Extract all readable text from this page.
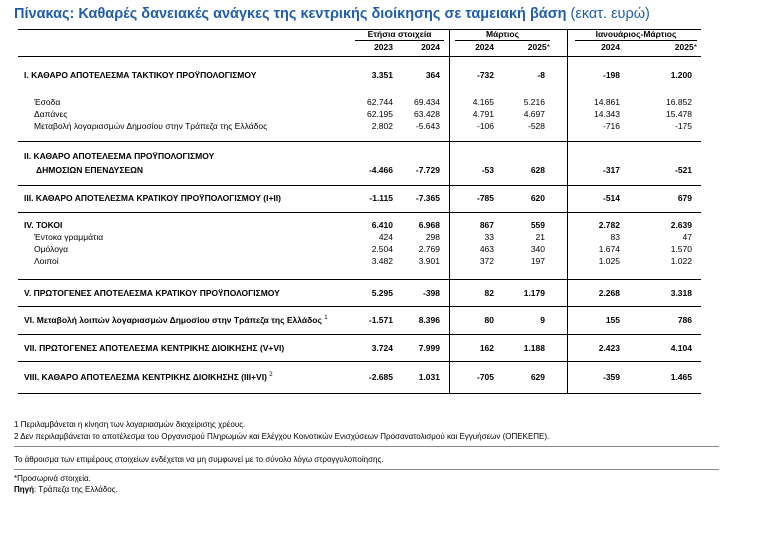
Πίνακας: Καθαρές δανειακές ανάγκες της κεντρικής διοίκησης σε ταμειακή βάση (εκατ. ευρώ)
Ετήσια στοιχεία	Μάρτιος	Ιανουάριος-Μάρτιος
2023	2024	2024	2025*	2024	2025*
I. ΚΑΘΑΡΟ ΑΠΟΤΕΛΕΣΜΑ ΤΑΚΤΙΚΟΥ ΠΡΟΫΠΟΛΟΓΙΣΜΟΥ	3.351	364	-732	-8	-198	1.200
Έσοδα	62.744	69.434	4.165	5.216	14.861	16.852
Δαπάνες	62.195	63.428	4.791	4.697	14.343	15.478
Μεταβολή λογαριασμών Δημοσίου στην Τράπεζα της Ελλάδος	2.802	-5.643	-106	-528	-716	-175
II. ΚΑΘΑΡΟ ΑΠΟΤΕΛΕΣΜΑ ΠΡΟΫΠΟΛΟΓΙΣΜΟΥ
ΔΗΜΟΣΙΩΝ ΕΠΕΝΔΥΣΕΩΝ	-4.466	-7.729	-53	628	-317	-521
III. ΚΑΘΑΡΟ ΑΠΟΤΕΛΕΣΜΑ ΚΡΑΤΙΚΟΥ ΠΡΟΫΠΟΛΟΓΙΣΜΟΥ (I+II)	-1.115	-7.365	-785	620	-514	679
IV. ΤΟΚΟΙ	6.410	6.968	867	559	2.782	2.639
Έντοκα γραμμάτια	424	298	33	21	83	47
Ομόλογα	2.504	2.769	463	340	1.674	1.570
Λοιποί	3.482	3.901	372	197	1.025	1.022
V. ΠΡΩΤΟΓΕΝΕΣ ΑΠΟΤΕΛΕΣΜΑ ΚΡΑΤΙΚΟΥ ΠΡΟΫΠΟΛΟΓΙΣΜΟΥ	5.295	-398	82	1.179	2.268	3.318
VI. Μεταβολή λοιπών λογαριασμών Δημοσίου στην Τράπεζα της Ελλάδος $^1$	-1.571	8.396	80	9	155	786
VII. ΠΡΩΤΟΓΕΝΕΣ ΑΠΟΤΕΛΕΣΜΑ ΚΕΝΤΡΙΚΗΣ ΔΙΟΙΚΗΣΗΣ (V+VI)	3.724	7.999	162	1.188	2.423	4.104
VIII. ΚΑΘΑΡΟ ΑΠΟΤΕΛΕΣΜΑ ΚΕΝΤΡΙΚΗΣ ΔΙΟΙΚΗΣΗΣ (III+VI) $^2$	-2.685	1.031	-705	629	-359	1.465
1 Περιλαμβάνεται η κίνηση των λογαριασμών διαχείρισης χρέους.
2 Δεν περιλαμβάνεται το αποτέλεσμα του Οργανισμού Πληρωμών και Ελέγχου Κοινοτικών Ενισχύσεων Προσανατολισμού και Εγγυήσεων (ΟΠΕΚΕΠΕ).
Το άθροισμα των επιμέρους στοιχείων ενδέχεται να μη συμφωνεί με το σύνολο λόγω στρογγυλοποίησης.
*Προσωρινά στοιχεία.
Πηγή: Τράπεζα της Ελλάδος.
